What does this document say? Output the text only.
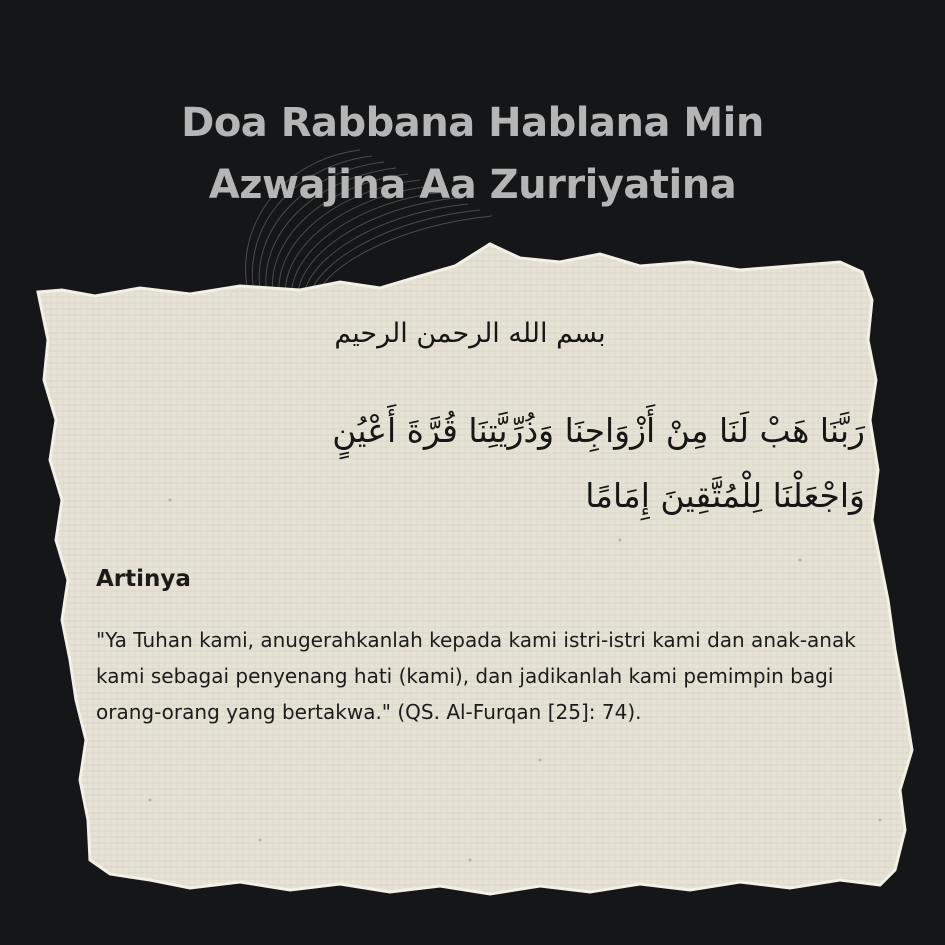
Doa Rabbana Hablana Min
Azwajina Aa Zurriyatina
بسم الله الرحمن الرحيم
رَبَّنَا هَبْ لَنَا مِنْ أَزْوَاجِنَا وَذُرِّيَّتِنَا قُرَّةَ أَعْيُنٍ
وَاجْعَلْنَا لِلْمُتَّقِينَ إِمَامًا
Artinya
"Ya Tuhan kami, anugerahkanlah kepada kami istri-istri kami dan anak-anak kami sebagai penyenang hati (kami), dan jadikanlah kami pemimpin bagi orang-orang yang bertakwa." (QS. Al-Furqan [25]: 74).
